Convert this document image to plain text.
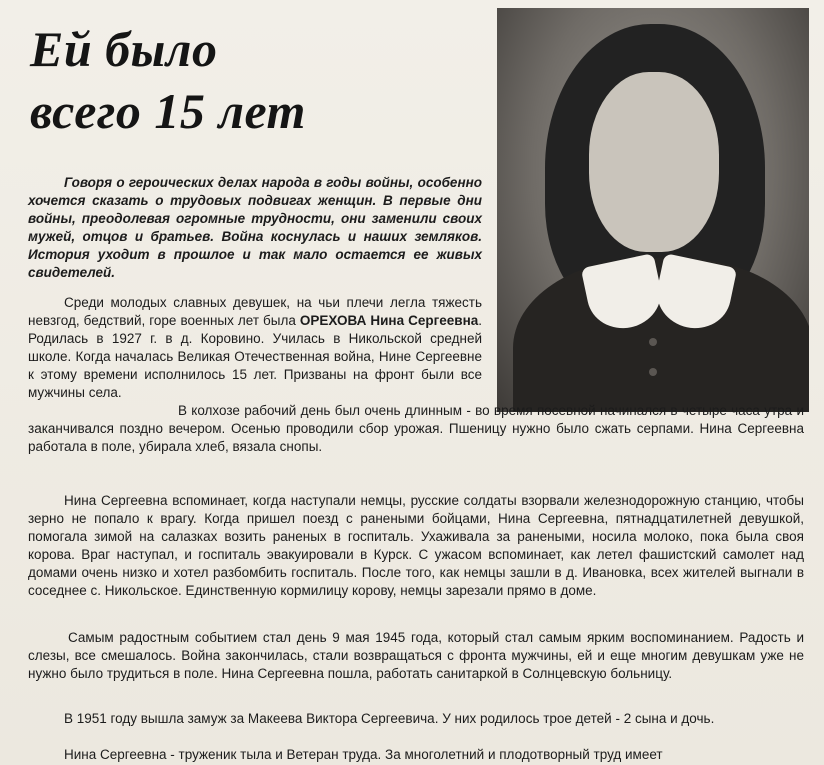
Ей было
всего 15 лет

Говоря о героических делах народа в годы войны, особенно хочется сказать о трудовых подвигах женщин. В первые дни войны, преодолевая огромные трудности, они заменили своих мужей, отцов и братьев. Война коснулась и наших земляков. История уходит в прошлое и так мало остается ее живых свидетелей.

Среди молодых славных девушек, на чьи плечи легла тяжесть невзгод, бедствий, горе военных лет была ОРЕХОВА Нина Сергеевна. Родилась в 1927 г. в д. Коровино. Училась в Никольской средней школе. Когда началась Великая Отечественная война, Нине Сергеевне к этому времени исполнилось 15 лет. Призваны на фронт были все мужчины села.

В колхозе рабочий день был очень длинным - во время посевной начинался в четыре часа утра и заканчивался поздно вечером. Осенью проводили сбор урожая. Пшеницу нужно было сжать серпами. Нина Сергеевна работала в поле, убирала хлеб, вязала снопы.

Нина Сергеевна вспоминает, когда наступали немцы, русские солдаты взорвали железнодорожную станцию, чтобы зерно не попало к врагу. Когда пришел поезд с ранеными бойцами, Нина Сергеевна, пятнадцатилетней девушкой, помогала зимой на салазках возить раненых в госпиталь. Ухаживала за ранеными, носила молоко, пока была своя корова. Враг наступал, и госпиталь эвакуировали в Курск. С ужасом вспоминает, как летел фашистский самолет над домами очень низко и хотел разбомбить госпиталь. После того, как немцы зашли в д. Ивановка, всех жителей выгнали в соседнее с. Никольское. Единственную кормилицу корову, немцы зарезали прямо в доме.

Самым радостным событием стал день 9 мая 1945 года, который стал самым ярким воспоминанием. Радость и слезы, все смешалось. Война закончилась, стали возвращаться с фронта мужчины, ей и еще многим девушкам уже не нужно было трудиться в поле. Нина Сергеевна пошла, работать санитаркой в Солнцевскую больницу.

В 1951 году вышла замуж за Макеева Виктора Сергеевича. У них родилось трое детей - 2 сына и дочь.

Нина Сергеевна - труженик тыла и Ветеран труда. За многолетний и плодотворный труд имеет
